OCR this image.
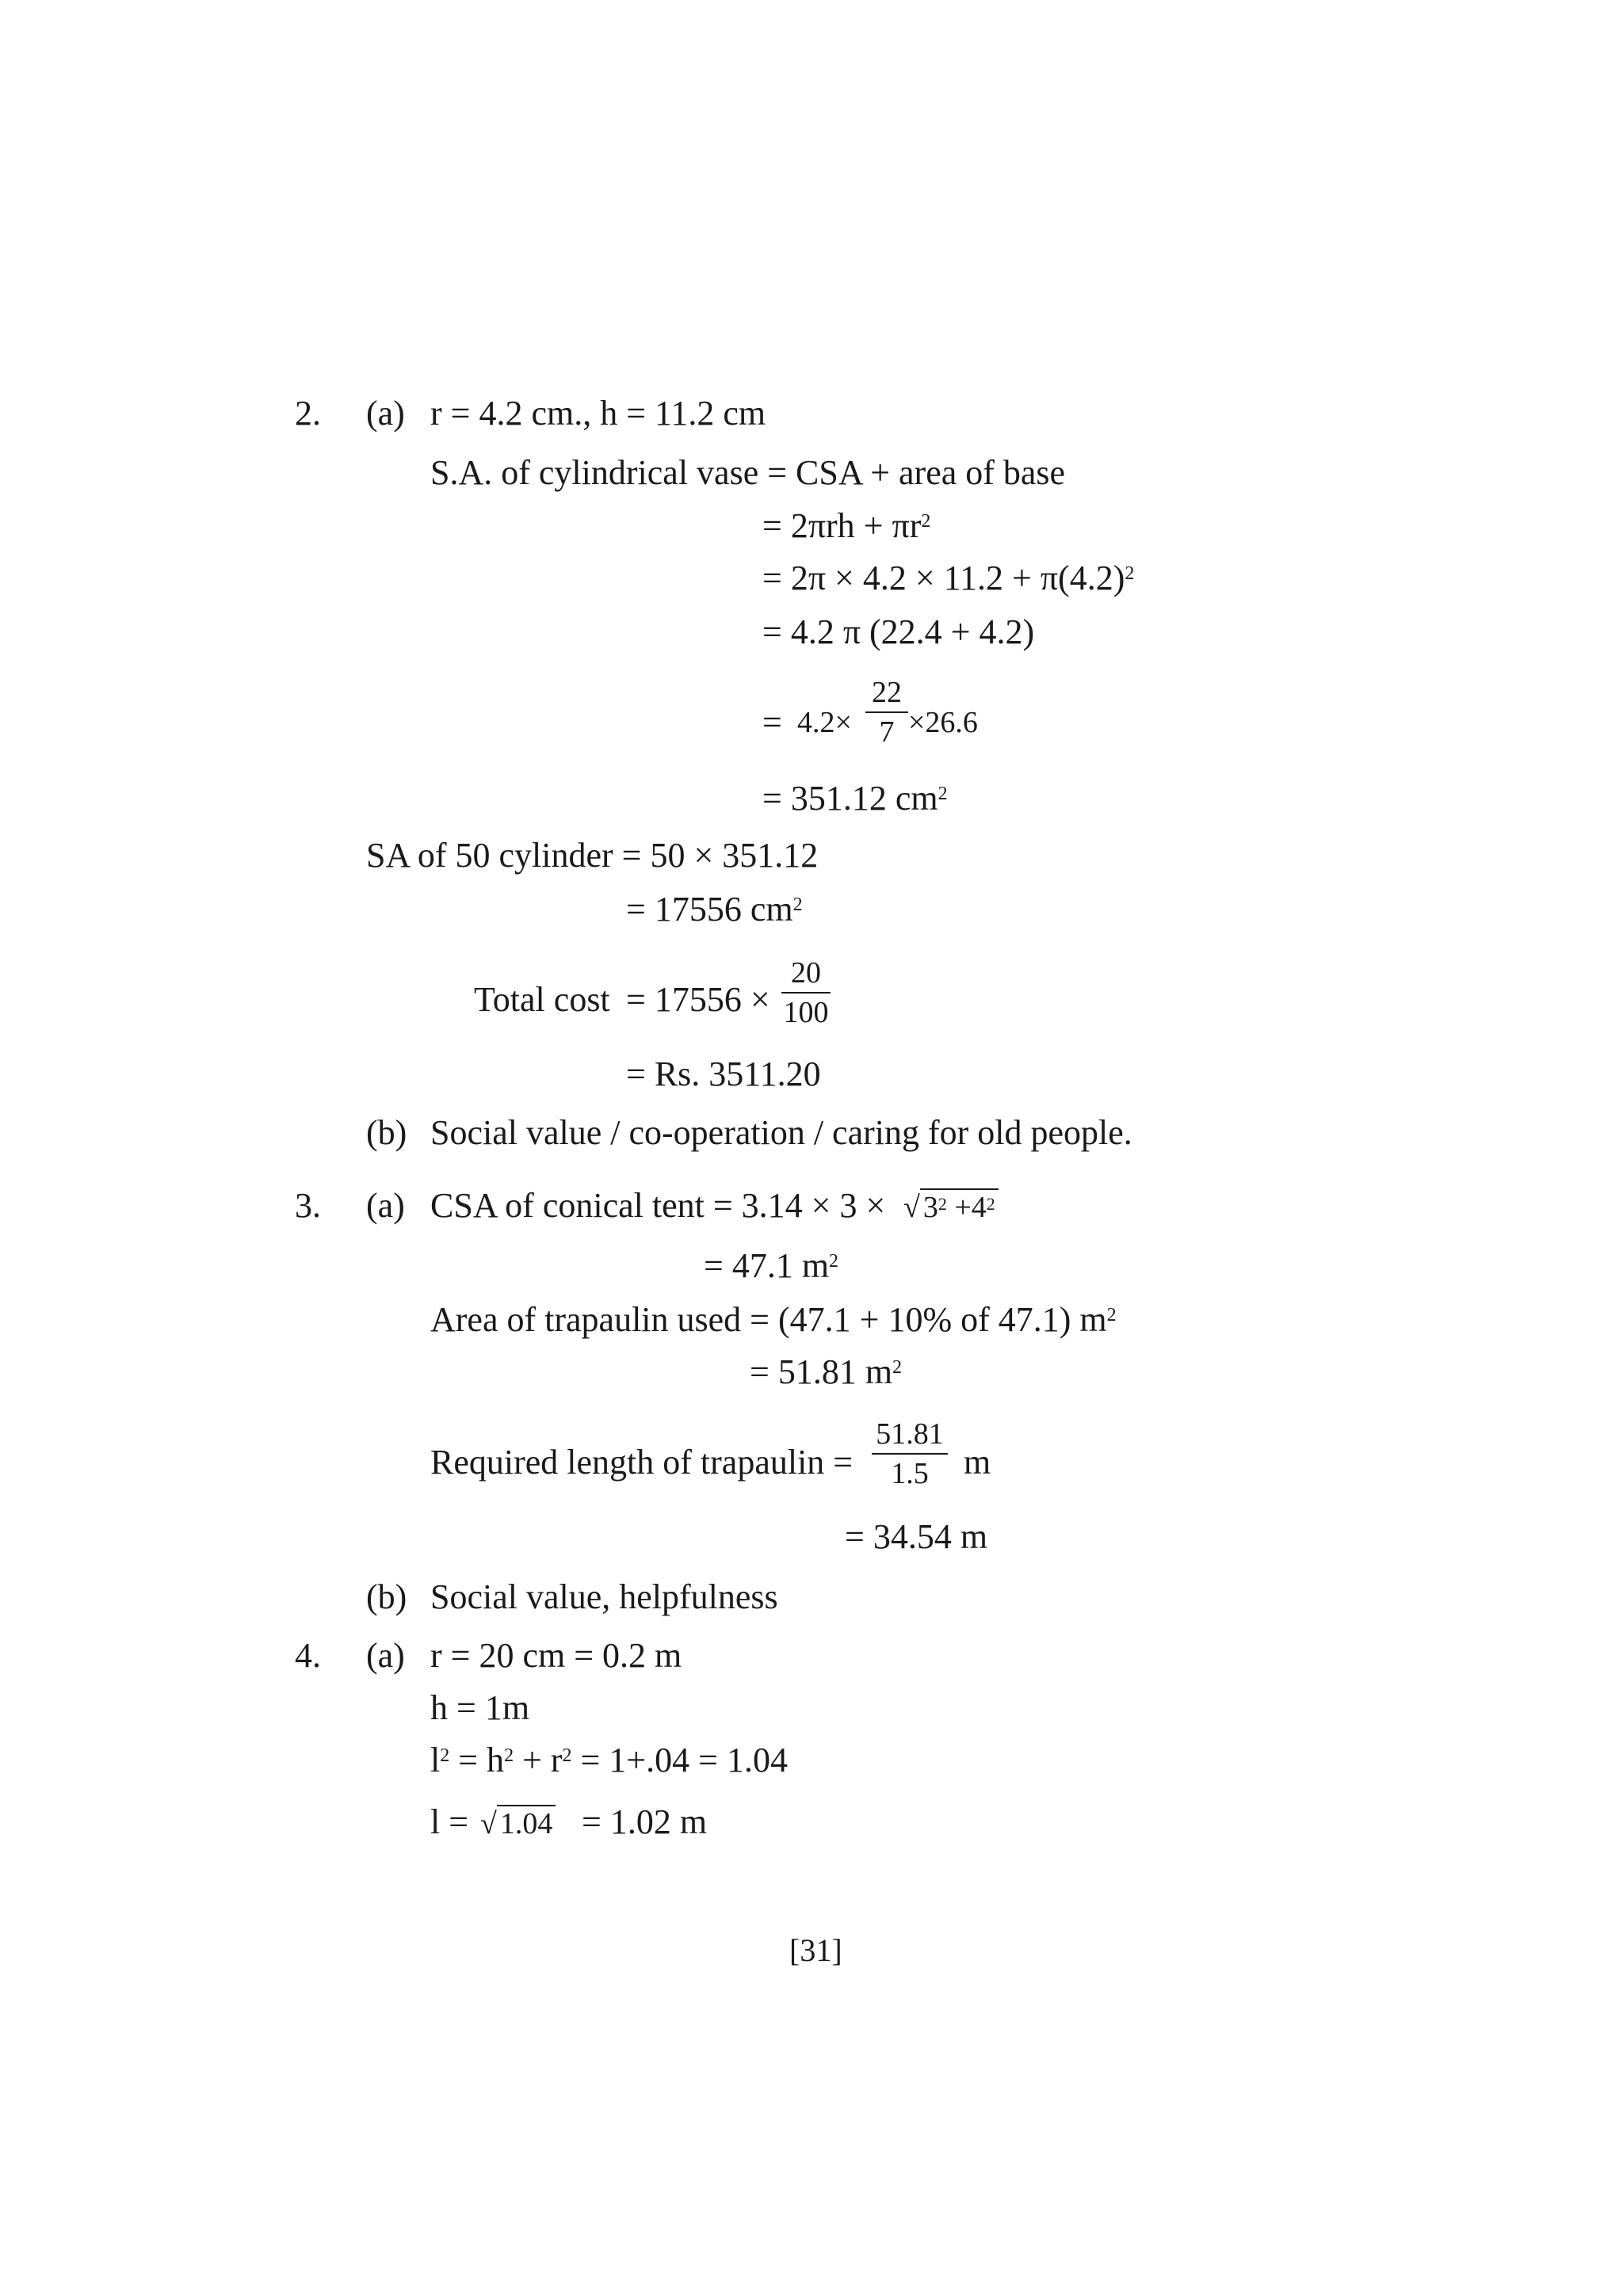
2. (a) r = 4.2 cm., h = 11.2 cm
S.A. of cylindrical vase = CSA + area of base
= $2\pi rh + \pi r^2$
= $2\pi \times 4.2 \times 11.2 + \pi(4.2)^2$
= 4.2 π (22.4 + 4.2)
= 4.2×
22
7 ×26.6
= 351.12 $cm^2$
SA of 50 cylinder = 50 × 351.12
= 17556 $cm^2$
Total cost = 17556 ×
20
100
= Rs. 3511.20
(b) Social value / co-operation / caring for old people.
3. (a) CSA of conical tent = 3.14 × 3 × √ $3^2 +4^2$
= 47.1 $m^2$
Area of trapaulin used = (47.1 + 10% of 47.1) $m^2$
= 51.81 $m^2$
Required length of trapaulin =
51.81
1.5	m
= 34.54 m
(b) Social value, helpfulness
4. (a) r = 20 cm = 0.2 m
h = 1m
$l^2 = h^2 + r^2 = 1+.04 = 1.04$
l = √ 1.04 = 1.02 m
[31]
